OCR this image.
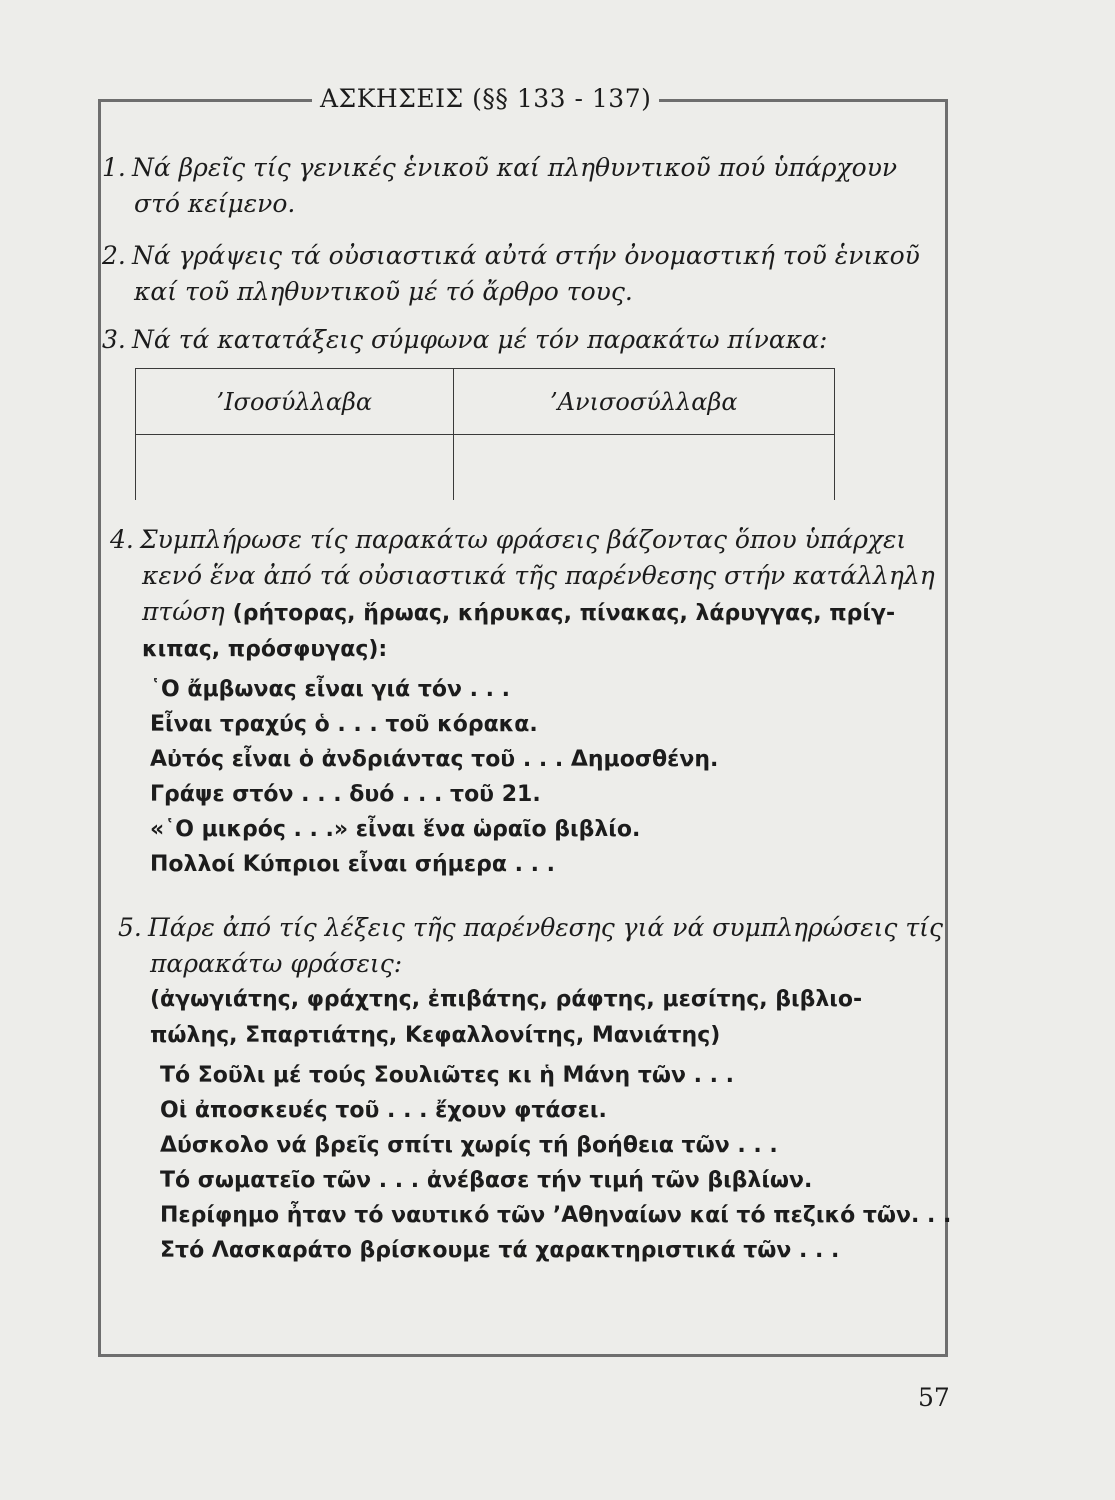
ΑΣΚΗΣΕΙΣ (§§ 133 - 137)
1. Νά βρεῖς τίς γενικές ἑνικοῦ καί πληθυντικοῦ πού ὑπάρχουν
στό κείμενο.
2. Νά γράψεις τά οὐσιαστικά αὐτά στήν ὀνομαστική τοῦ ἑνικοῦ
καί τοῦ πληθυντικοῦ μέ τό ἄρθρο τους.
3. Νά τά κατατάξεις σύμφωνα μέ τόν παρακάτω πίνακα:
’Ισοσύλλαβα	’Ανισοσύλλαβα

4. Συμπλήρωσε τίς παρακάτω φράσεις βάζοντας ὅπου ὑπάρχει
κενό ἕνα ἀπό τά οὐσιαστικά τῆς παρένθεσης στήν κατάλληλη
πτώση (ρήτορας, ἥρωας, κήρυκας, πίνακας, λάρυγγας, πρίγ-
κιπας, πρόσφυγας):
῾Ο ἄμβωνας εἶναι γιά τόν . . .
Εἶναι τραχύς ὁ . . . τοῦ κόρακα.
Αὐτός εἶναι ὁ ἀνδριάντας τοῦ . . . Δημοσθένη.
Γράψε στόν . . . δυό . . . τοῦ 21.
«῾Ο μικρός . . .» εἶναι ἕνα ὡραῖο βιβλίο.
Πολλοί Κύπριοι εἶναι σήμερα . . .
5. Πάρε ἀπό τίς λέξεις τῆς παρένθεσης γιά νά συμπληρώσεις τίς
παρακάτω φράσεις:
(ἀγωγιάτης, φράχτης, ἐπιβάτης, ράφτης, μεσίτης, βιβλιο-
πώλης, Σπαρτιάτης, Κεφαλλονίτης, Μανιάτης)
Τό Σοῦλι μέ τούς Σουλιῶτες κι ἡ Μάνη τῶν . . .
Οἱ ἀποσκευές τοῦ . . . ἔχουν φτάσει.
Δύσκολο νά βρεῖς σπίτι χωρίς τή βοήθεια τῶν . . .
Τό σωματεῖο τῶν . . . ἀνέβασε τήν τιμή τῶν βιβλίων.
Περίφημο ἦταν τό ναυτικό τῶν ’Αθηναίων καί τό πεζικό τῶν. . .
Στό Λασκαράτο βρίσκουμε τά χαρακτηριστικά τῶν . . .
57
